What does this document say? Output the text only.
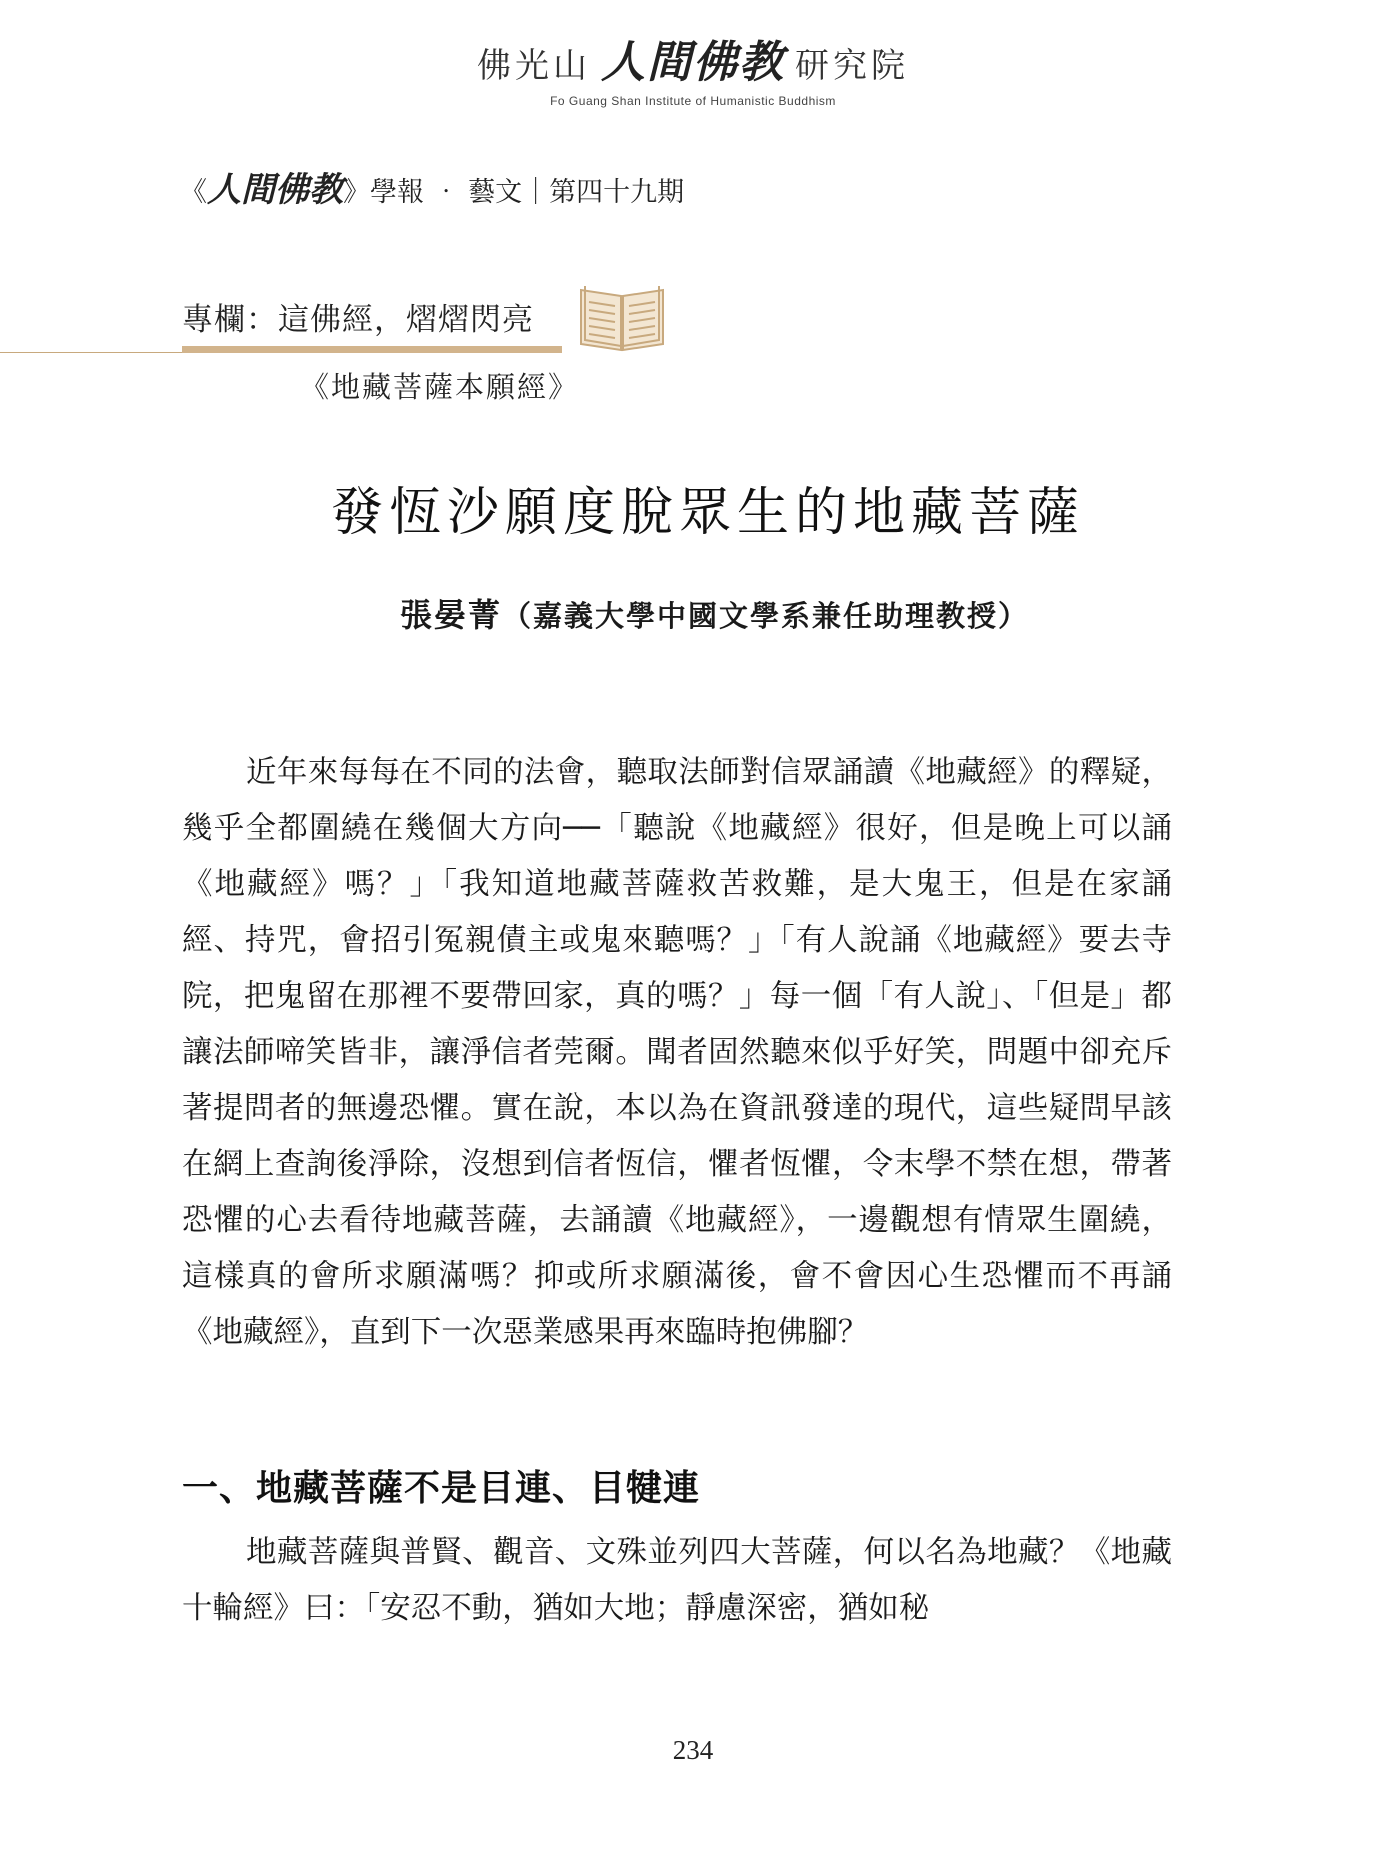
佛光山 人間佛教 研究院
Fo Guang Shan Institute of Humanistic Buddhism
《人間佛教》學報 ‧ 藝文｜第四十九期
專欄：這佛經，熠熠閃亮
《地藏菩薩本願經》
發恆沙願度脫眾生的地藏菩薩
張晏菁（嘉義大學中國文學系兼任助理教授）

近年來每每在不同的法會，聽取法師對信眾誦讀《地藏經》的釋疑，幾乎全都圍繞在幾個大方向──「聽說《地藏經》很好，但是晚上可以誦《地藏經》嗎？」「我知道地藏菩薩救苦救難，是大鬼王，但是在家誦經、持咒，會招引冤親債主或鬼來聽嗎？」「有人說誦《地藏經》要去寺院，把鬼留在那裡不要帶回家，真的嗎？」每一個「有人說」、「但是」都讓法師啼笑皆非，讓淨信者莞爾。聞者固然聽來似乎好笑，問題中卻充斥著提問者的無邊恐懼。實在說，本以為在資訊發達的現代，這些疑問早該在網上查詢後淨除，沒想到信者恆信，懼者恆懼，令末學不禁在想，帶著恐懼的心去看待地藏菩薩，去誦讀《地藏經》，一邊觀想有情眾生圍繞，這樣真的會所求願滿嗎？抑或所求願滿後，會不會因心生恐懼而不再誦《地藏經》，直到下一次惡業感果再來臨時抱佛腳？

一、地藏菩薩不是目連、目犍連

地藏菩薩與普賢、觀音、文殊並列四大菩薩，何以名為地藏？《地藏十輪經》曰：「安忍不動，猶如大地；靜慮深密，猶如秘

234
